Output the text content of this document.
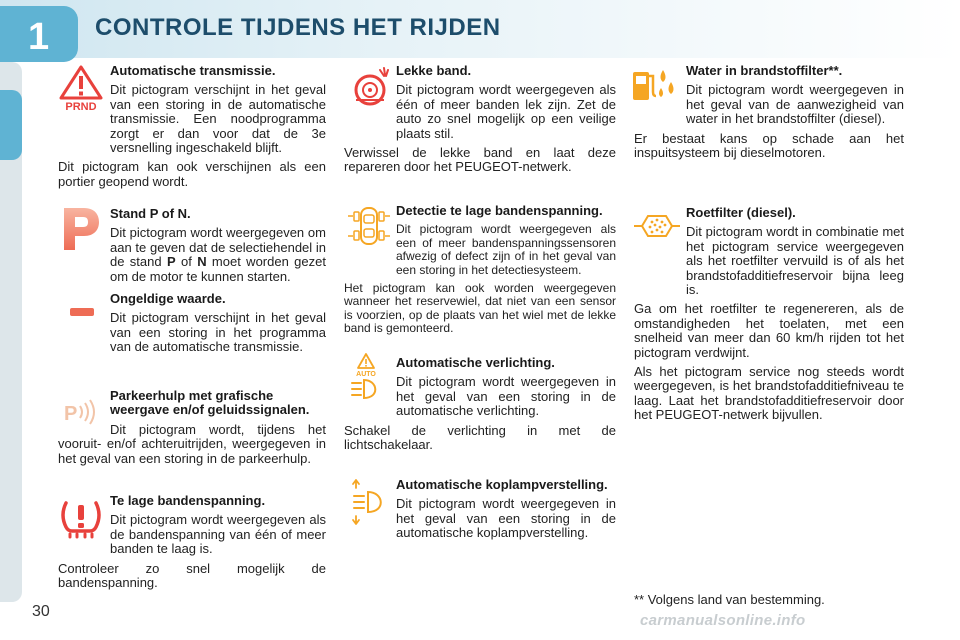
1 CONTROLE TIJDENS HET RIJDEN
PRND

Automatische transmissie.

Dit pictogram verschijnt in het geval van een storing in de automatische transmissie. Een noodprogramma zorgt er dan voor dat de 3e versnelling ingeschakeld blijft.

Dit pictogram kan ook verschijnen als een portier geopend wordt.

Stand P of N.

Dit pictogram wordt weergegeven om aan te geven dat de selectiehendel in de stand P of N moet worden gezet om de motor te kunnen starten.

Ongeldige waarde.

Dit pictogram verschijnt in het geval van een storing in het programma van de automatische transmissie.

P

Parkeerhulp met grafische weergave en/of geluidssignalen.

Dit pictogram wordt, tijdens het vooruit- en/of achteruitrijden, weergegeven in het geval van een storing in de parkeerhulp.

Te lage bandenspanning.

Dit pictogram wordt weergegeven als de bandenspanning van één of meer banden te laag is.

Controleer zo snel mogelijk de bandenspanning.

Lekke band.

Dit pictogram wordt weergegeven als één of meer banden lek zijn. Zet de auto zo snel mogelijk op een veilige plaats stil.

Verwissel de lekke band en laat deze repareren door het PEUGEOT-netwerk.

Detectie te lage bandenspanning.

Dit pictogram wordt weergegeven als een of meer bandenspanningssensoren afwezig of defect zijn of in het geval van een storing in het detectiesysteem.

Het pictogram kan ook worden weergegeven wanneer het reservewiel, dat niet van een sensor is voorzien, op de plaats van het wiel met de lekke band is gemonteerd.

AUTO

Automatische verlichting.

Dit pictogram wordt weergegeven in het geval van een storing in de automatische verlichting.

Schakel de verlichting in met de lichtschakelaar.

Automatische koplampverstelling.

Dit pictogram wordt weergegeven in het geval van een storing in de automatische koplampverstelling.

Water in brandstoffilter**.

Dit pictogram wordt weergegeven in het geval van de aanwezigheid van water in het brandstoffilter (diesel).

Er bestaat kans op schade aan het inspuitsysteem bij dieselmotoren.

Roetfilter (diesel).

Dit pictogram wordt in combinatie met het pictogram service weergegeven als het roetfilter vervuild is of als het brandstofadditiefreservoir bijna leeg is.

Ga om het roetfilter te regenereren, als de omstandigheden het toelaten, met een snelheid van meer dan 60 km/h rijden tot het pictogram verdwijnt.

Als het pictogram service nog steeds wordt weergegeven, is het brandstofadditiefniveau te laag. Laat het brandstofadditiefreservoir door het PEUGEOT-netwerk bijvullen.

** Volgens land van bestemming.
30
carmanualsonline.info
